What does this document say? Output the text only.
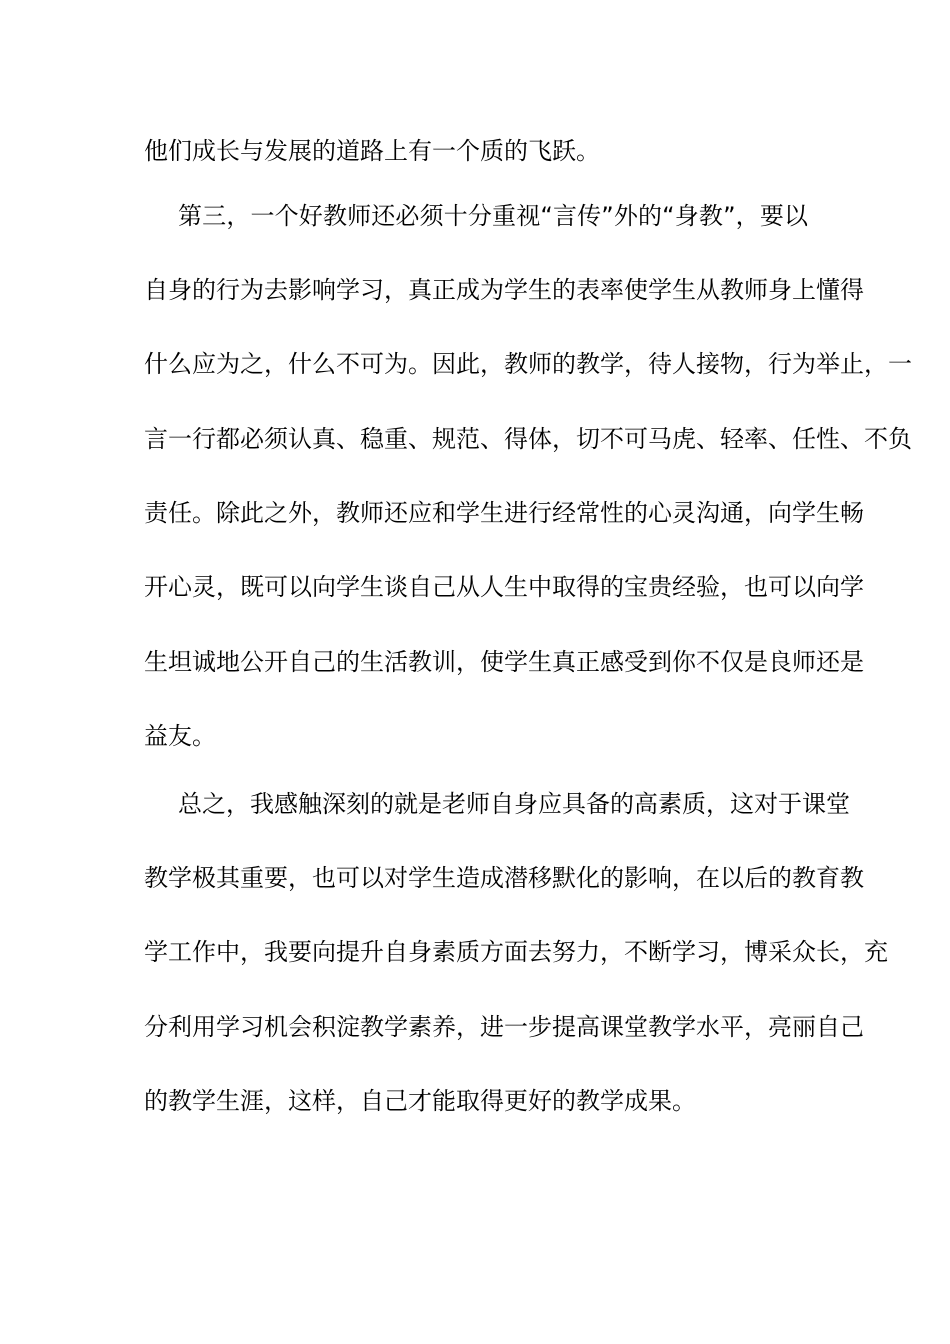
他们成长与发展的道路上有一个质的飞跃。
第三，一个好教师还必须十分重视“言传”外的“身教”，要以
自身的行为去影响学习，真正成为学生的表率使学生从教师身上懂得
什么应为之，什么不可为。因此，教师的教学，待人接物，行为举止，一
言一行都必须认真、稳重、规范、得体，切不可马虎、轻率、任性、不负
责任。除此之外，教师还应和学生进行经常性的心灵沟通，向学生畅
开心灵，既可以向学生谈自己从人生中取得的宝贵经验，也可以向学
生坦诚地公开自己的生活教训，使学生真正感受到你不仅是良师还是
益友。
总之，我感触深刻的就是老师自身应具备的高素质，这对于课堂
教学极其重要，也可以对学生造成潜移默化的影响，在以后的教育教
学工作中，我要向提升自身素质方面去努力，不断学习，博采众长，充
分利用学习机会积淀教学素养，进一步提高课堂教学水平，亮丽自己
的教学生涯，这样，自己才能取得更好的教学成果。
